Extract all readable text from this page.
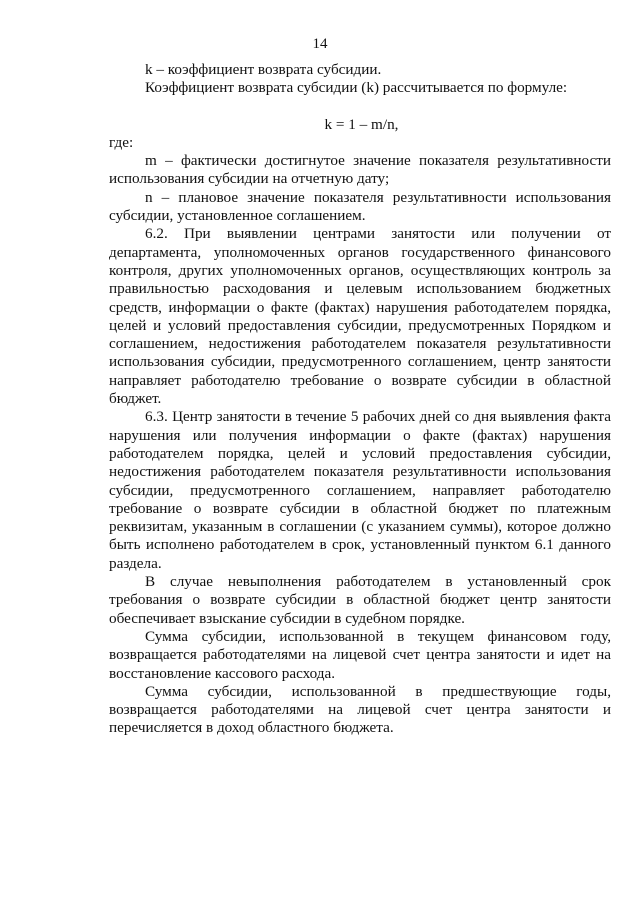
14

k – коэффициент возврата субсидии.

Коэффициент возврата субсидии (k) рассчитывается по формуле:

k = 1 – m/n,

где:

m – фактически достигнутое значение показателя результативности использования субсидии на отчетную дату;

n – плановое значение показателя результативности использования субсидии, установленное соглашением.

6.2. При выявлении центрами занятости или получении от департамента, уполномоченных органов государственного финансового контроля, других уполномоченных органов, осуществляющих контроль за правильностью расходования и целевым использованием бюджетных средств, информации о факте (фактах) нарушения работодателем порядка, целей и условий предоставления субсидии, предусмотренных Порядком и соглашением, недостижения работодателем показателя результативности использования субсидии, предусмотренного соглашением, центр занятости направляет работодателю требование о возврате субсидии в областной бюджет.

6.3. Центр занятости в течение 5 рабочих дней со дня выявления факта нарушения или получения информации о факте (фактах) нарушения работодателем порядка, целей и условий предоставления субсидии, недостижения работодателем показателя результативности использования субсидии, предусмотренного соглашением, направляет работодателю требование о возврате субсидии в областной бюджет по платежным реквизитам, указанным в соглашении (с указанием суммы), которое должно быть исполнено работодателем в срок, установленный пунктом 6.1 данного раздела.

В случае невыполнения работодателем в установленный срок требования о возврате субсидии в областной бюджет центр занятости обеспечивает взыскание субсидии в судебном порядке.

Сумма субсидии, использованной в текущем финансовом году, возвращается работодателями на лицевой счет центра занятости и идет на восстановление кассового расхода.

Сумма субсидии, использованной в предшествующие годы, возвращается работодателями на лицевой счет центра занятости и перечисляется в доход областного бюджета.
